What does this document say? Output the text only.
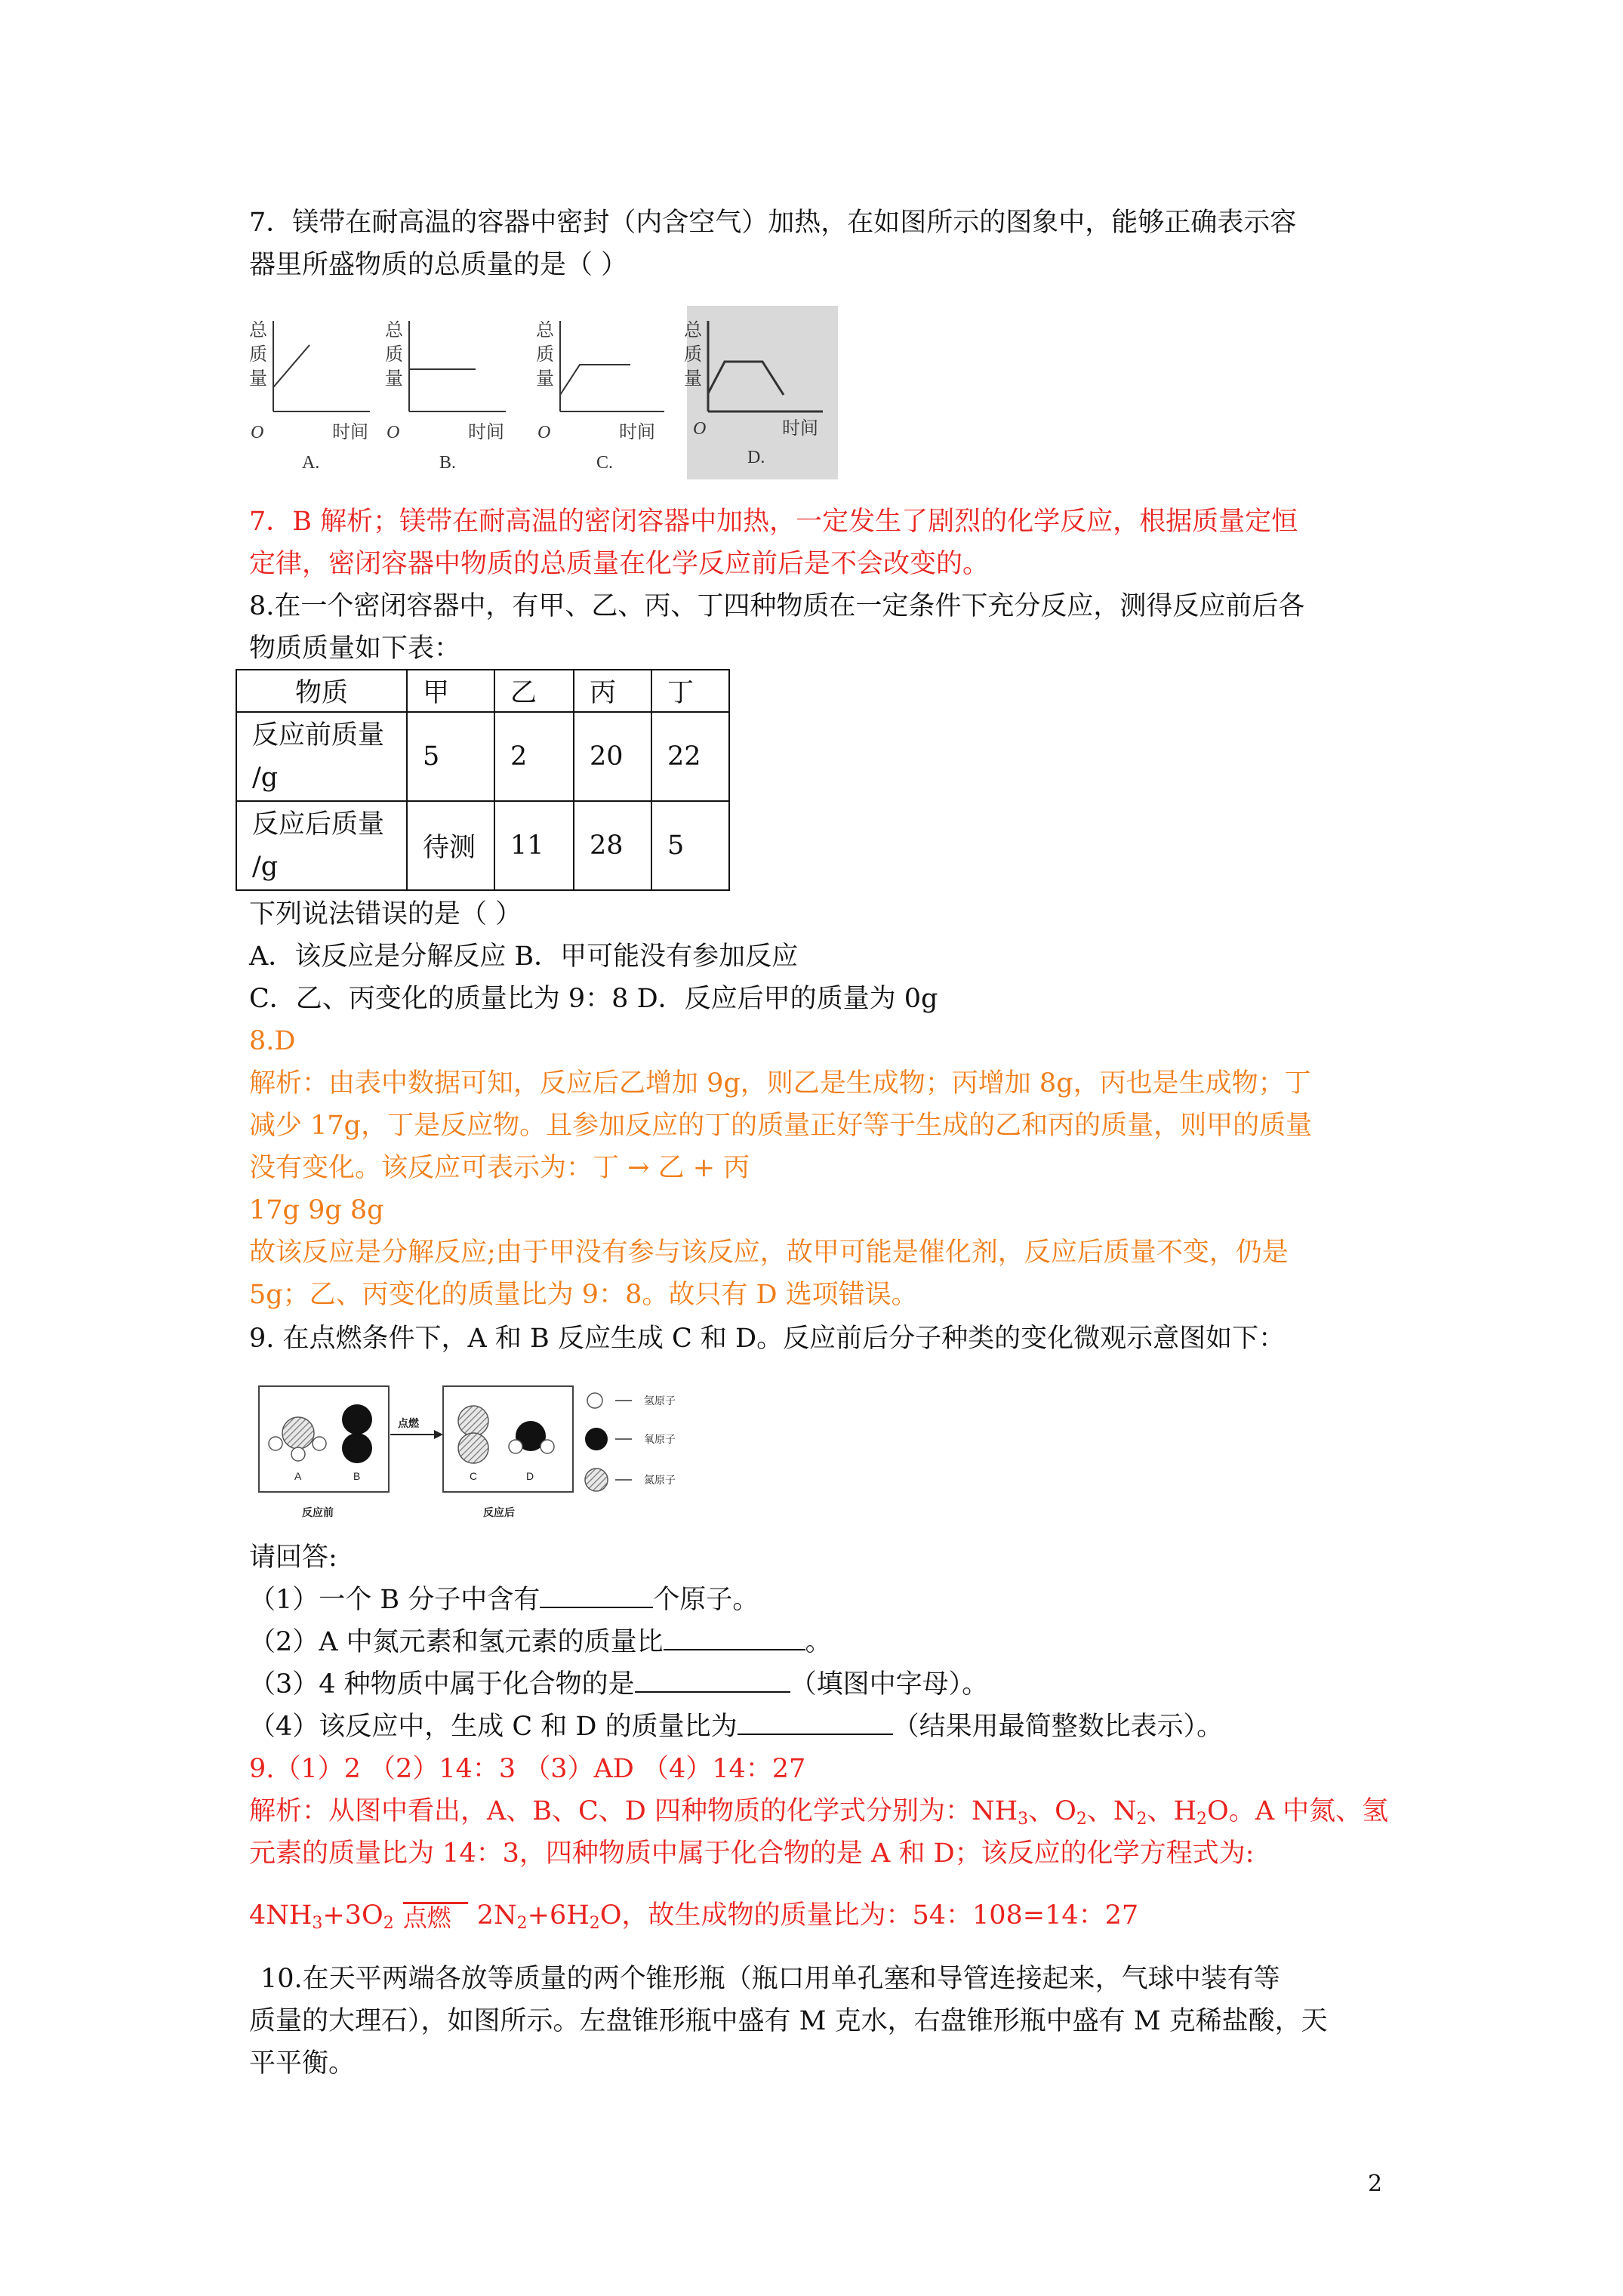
7．镁带在耐高温的容器中密封（内含空气）加热，在如图所示的图象中，能够正确表示容
器里所盛物质的总质量的是（ ）
总
质
量
O	时间
A.
总
质
量
O	时间
B.
总
质
量
O	时间
C.
总
质
量
O	时间
D.
7．B 解析；镁带在耐高温的密闭容器中加热，一定发生了剧烈的化学反应，根据质量定恒
定律，密闭容器中物质的总质量在化学反应前后是不会改变的。
8.在一个密闭容器中，有甲、乙、丙、丁四种物质在一定条件下充分反应，测得反应前后各
物质质量如下表：
物质	甲	乙	丙	丁
反应前质量
/g	5	2	20	22
反应后质量
/g	待测	11	28	5
下列说法错误的是（ ）
A．该反应是分解反应 B．甲可能没有参加反应
C．乙、丙变化的质量比为 9：8 D．反应后甲的质量为 0g
8.D
解析：由表中数据可知，反应后乙增加 9g，则乙是生成物；丙增加 8g，丙也是生成物；丁
减少 17g，丁是反应物。且参加反应的丁的质量正好等于生成的乙和丙的质量，则甲的质量
没有变化。该反应可表示为：丁 → 乙 + 丙
17g 9g 8g
故该反应是分解反应;由于甲没有参与该反应，故甲可能是催化剂，反应后质量不变，仍是
5g；乙、丙变化的质量比为 9：8。故只有 D 选项错误。
9. 在点燃条件下，A 和 B 反应生成 C 和 D。反应前后分子种类的变化微观示意图如下：
A	B
反应前
点燃
C	D
反应后
氢原子
氧原子
氮原子
请回答:
（1）一个 B 分子中含有	个原子。
（2）A 中氮元素和氢元素的质量比	。
（3）4 种物质中属于化合物的是	（填图中字母）。
（4）该反应中，生成 C 和 D 的质量比为	（结果用最简整数比表示）。
9.（1）2 （2）14：3 （3）AD （4）14：27
解析：从图中看出，A、B、C、D 四种物质的化学式分别为：$NH_3$、$O_2$、$N_2$、$H_2O$。A 中氮、氢
元素的质量比为 14：3，四种物质中属于化合物的是 A 和 D；该反应的化学方程式为:
$4NH_3+3O_2$ 点燃 $2N_2+6H_2O$，故生成物的质量比为：54：108=14：27
10.在天平两端各放等质量的两个锥形瓶（瓶口用单孔塞和导管连接起来，气球中装有等
质量的大理石），如图所示。左盘锥形瓶中盛有 M 克水，右盘锥形瓶中盛有 M 克稀盐酸，天
平平衡。
2
